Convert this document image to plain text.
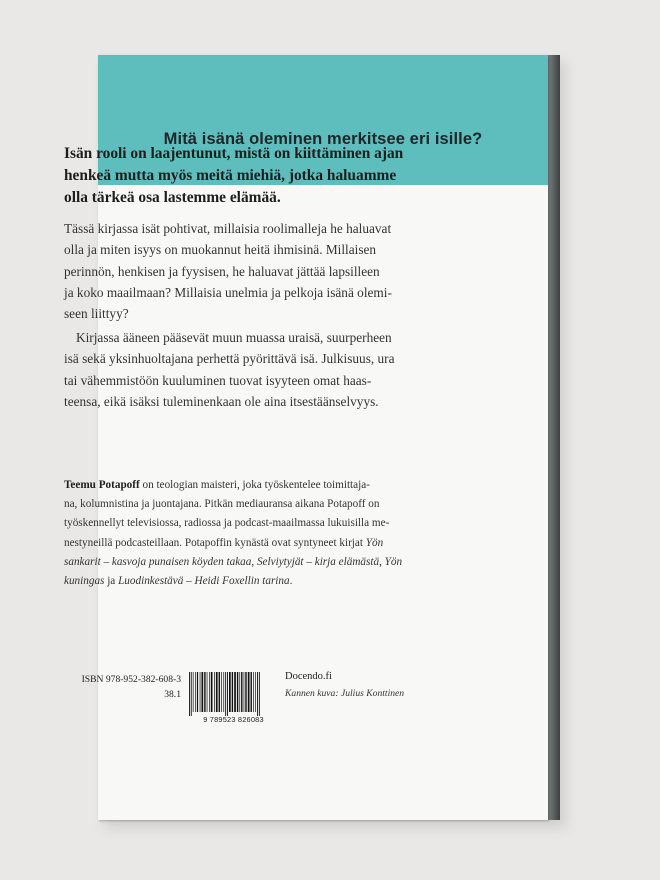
Mitä isänä oleminen merkitsee eri isille?
Isän rooli on laajentunut, mistä on kiittäminen ajan
henkeä mutta myös meitä miehiä, jotka haluamme
olla tärkeä osa lastemme elämää.
Tässä kirjassa isät pohtivat, millaisia roolimalleja he haluavat
olla ja miten isyys on muokannut heitä ihmisinä. Millaisen
perinnön, henkisen ja fyysisen, he haluavat jättää lapsilleen
ja koko maailmaan? Millaisia unelmia ja pelkoja isänä olemi-
seen liittyy?
Kirjassa ääneen pääsevät muun muassa uraisä, suurperheen
isä sekä yksinhuoltajana perhettä pyörittävä isä. Julkisuus, ura
tai vähemmistöön kuuluminen tuovat isyyteen omat haas-
teensa, eikä isäksi tuleminenkaan ole aina itsestäänselvyys.
Teemu Potapoff on teologian maisteri, joka työskentelee toimittaja-
na, kolumnistina ja juontajana. Pitkän mediauransa aikana Potapoff on
työskennellyt televisiossa, radiossa ja podcast-maailmassa lukuisilla me-
nestyneillä podcasteillaan. Potapoffin kynästä ovat syntyneet kirjat Yön
sankarit – kasvoja punaisen köyden takaa, Selviytyjät – kirja elämästä, Yön
kuningas ja Luodinkestävä – Heidi Foxellin tarina.
ISBN 978-952-382-608-3
38.1
9 789523 826083
Docendo.fi
Kannen kuva: Julius Konttinen
